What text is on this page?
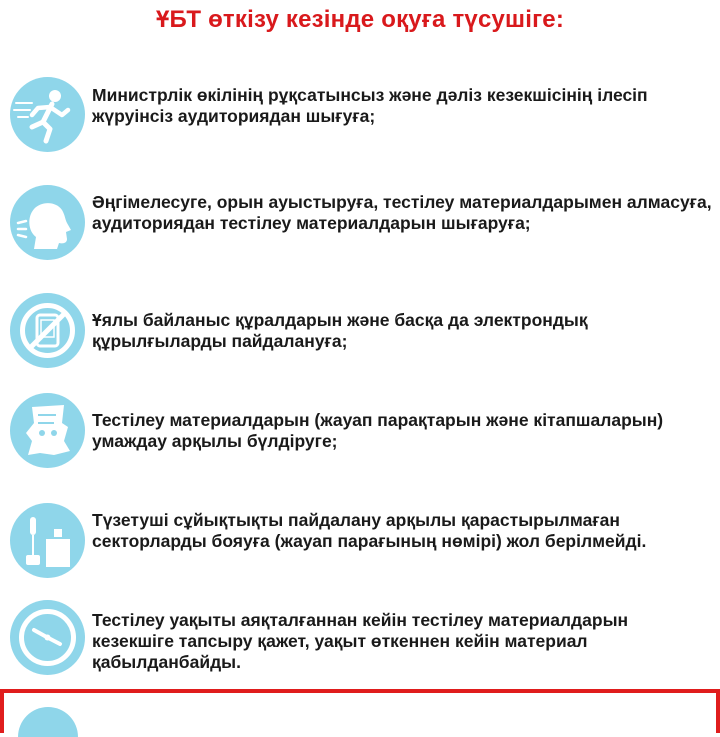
ҰБТ өткізу кезінде оқуға түсушіге:
Министрлік өкілінің рұқсатынсыз және дәліз кезекшісінің ілесіп жүруінсіз аудиториядан шығуға;
Әңгімелесуге, орын ауыстыруға, тестілеу материалдарымен алмасуға, аудиториядан тестілеу материалдарын шығаруға;
Ұялы байланыс құралдарын және басқа да электрондық құрылғыларды пайдалануға;
Тестілеу материалдарын (жауап парақтарын және кітапшаларын) умаждау арқылы бүлдіруге;
Түзетуші сұйықтықты пайдалану арқылы қарастырылмаған секторларды бояуға (жауап парағының нөмірі) жол берілмейді.
Тестілеу уақыты аяқталғаннан кейін тестілеу материалдарын кезекшіге тапсыру қажет, уақыт өткеннен кейін материал қабылданбайды.
